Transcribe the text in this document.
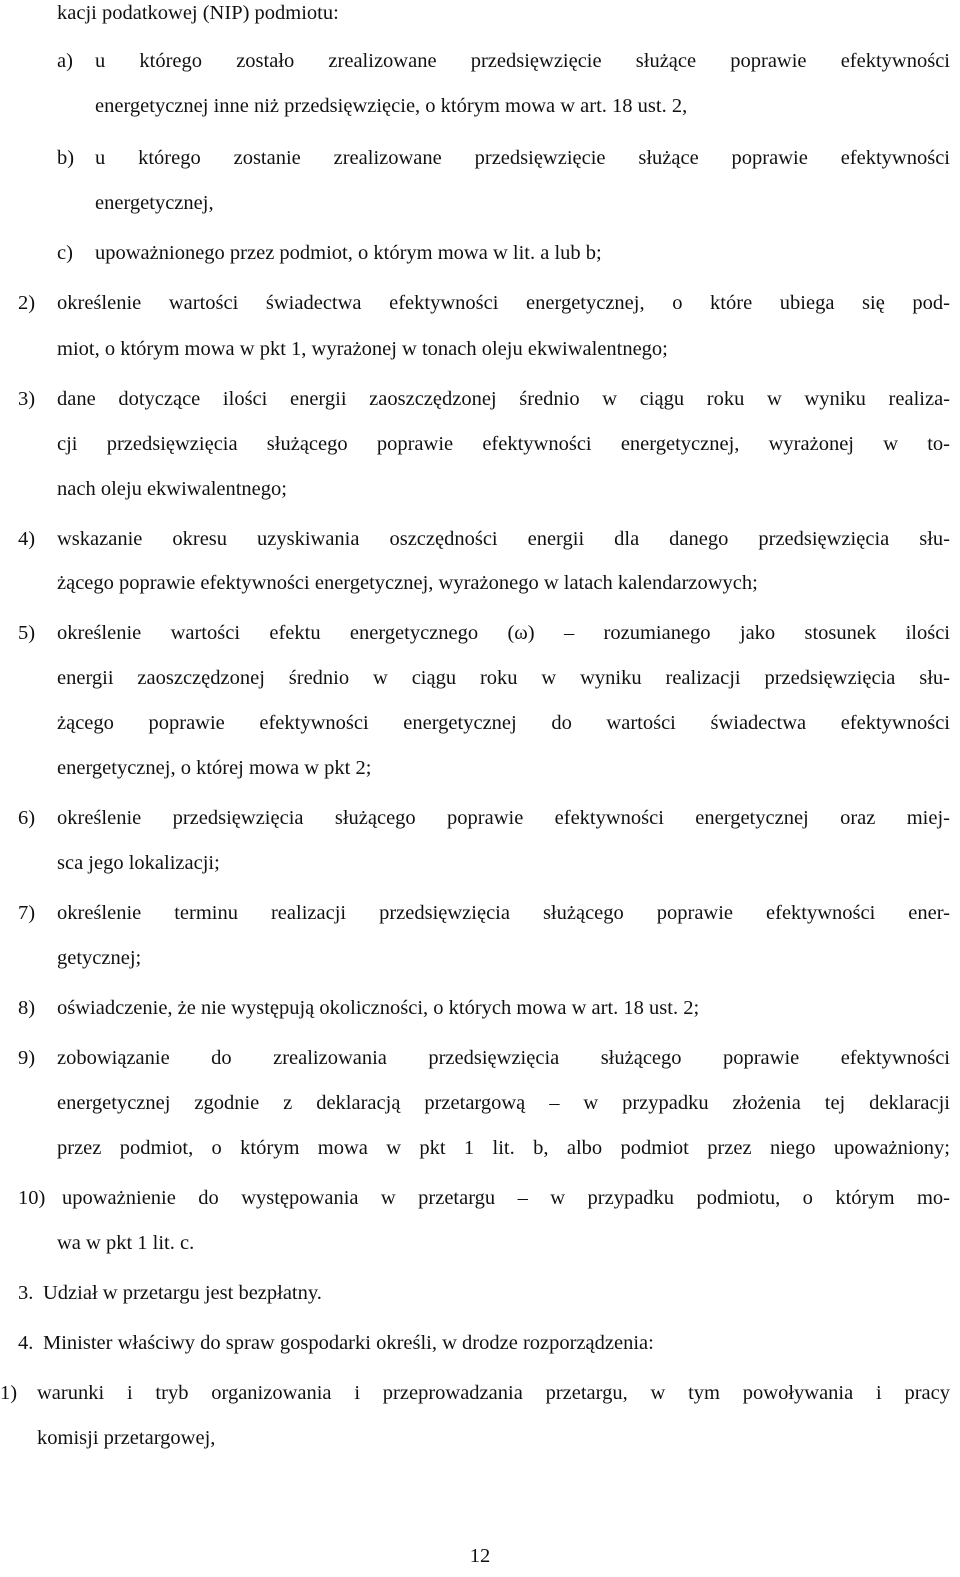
kacji podatkowej (NIP) podmiotu:
a) u którego zostało zrealizowane przedsięwzięcie służące poprawie efektywności
energetycznej inne niż przedsięwzięcie, o którym mowa w art. 18 ust. 2,
b) u którego zostanie zrealizowane przedsięwzięcie służące poprawie efektywności
energetycznej,
c) upoważnionego przez podmiot, o którym mowa w lit. a lub b;
2) określenie wartości świadectwa efektywności energetycznej, o które ubiega się pod-
miot, o którym mowa w pkt 1, wyrażonej w tonach oleju ekwiwalentnego;
3) dane dotyczące ilości energii zaoszczędzonej średnio w ciągu roku w wyniku realiza-
cji przedsięwzięcia służącego poprawie efektywności energetycznej, wyrażonej w to-
nach oleju ekwiwalentnego;
4) wskazanie okresu uzyskiwania oszczędności energii dla danego przedsięwzięcia słu-
żącego poprawie efektywności energetycznej, wyrażonego w latach kalendarzowych;
5) określenie wartości efektu energetycznego (ω) – rozumianego jako stosunek ilości
energii zaoszczędzonej średnio w ciągu roku w wyniku realizacji przedsięwzięcia słu-
żącego poprawie efektywności energetycznej do wartości świadectwa efektywności
energetycznej, o której mowa w pkt 2;
6) określenie przedsięwzięcia służącego poprawie efektywności energetycznej oraz miej-
sca jego lokalizacji;
7) określenie terminu realizacji przedsięwzięcia służącego poprawie efektywności ener-
getycznej;
8) oświadczenie, że nie występują okoliczności, o których mowa w art. 18 ust. 2;
9) zobowiązanie do zrealizowania przedsięwzięcia służącego poprawie efektywności
energetycznej zgodnie z deklaracją przetargową – w przypadku złożenia tej deklaracji
przez podmiot, o którym mowa w pkt 1 lit. b, albo podmiot przez niego upoważniony;
10) upoważnienie do występowania w przetargu – w przypadku podmiotu, o którym mo-
wa w pkt 1 lit. c.
3. Udział w przetargu jest bezpłatny.
4. Minister właściwy do spraw gospodarki określi, w drodze rozporządzenia:
1) warunki i tryb organizowania i przeprowadzania przetargu, w tym powoływania i pracy
komisji przetargowej,
12
